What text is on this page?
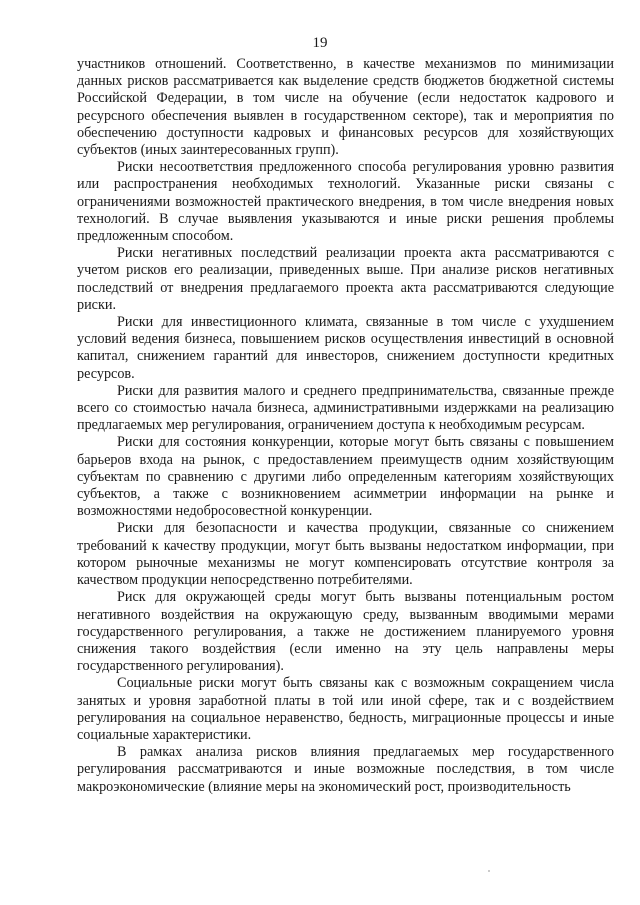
19

участников отношений. Соответственно, в качестве механизмов по минимизации данных рисков рассматривается как выделение средств бюджетов бюджетной системы Российской Федерации, в том числе на обучение (если недостаток кадрового и ресурсного обеспечения выявлен в государственном секторе), так и мероприятия по обеспечению доступности кадровых и финансовых ресурсов для хозяйствующих субъектов (иных заинтересованных групп).

Риски несоответствия предложенного способа регулирования уровню развития или распространения необходимых технологий. Указанные риски связаны с ограничениями возможностей практического внедрения, в том числе внедрения новых технологий. В случае выявления указываются и иные риски решения проблемы предложенным способом.

Риски негативных последствий реализации проекта акта рассматриваются с учетом рисков его реализации, приведенных выше. При анализе рисков негативных последствий от внедрения предлагаемого проекта акта рассматриваются следующие риски.

Риски для инвестиционного климата, связанные в том числе с ухудшением условий ведения бизнеса, повышением рисков осуществления инвестиций в основной капитал, снижением гарантий для инвесторов, снижением доступности кредитных ресурсов.

Риски для развития малого и среднего предпринимательства, связанные прежде всего со стоимостью начала бизнеса, административными издержками на реализацию предлагаемых мер регулирования, ограничением доступа к необходимым ресурсам.

Риски для состояния конкуренции, которые могут быть связаны с повышением барьеров входа на рынок, с предоставлением преимуществ одним хозяйствующим субъектам по сравнению с другими либо определенным категориям хозяйствующих субъектов, а также с возникновением асимметрии информации на рынке и возможностями недобросовестной конкуренции.

Риски для безопасности и качества продукции, связанные со снижением требований к качеству продукции, могут быть вызваны недостатком информации, при котором рыночные механизмы не могут компенсировать отсутствие контроля за качеством продукции непосредственно потребителями.

Риск для окружающей среды могут быть вызваны потенциальным ростом негативного воздействия на окружающую среду, вызванным вводимыми мерами государственного регулирования, а также не достижением планируемого уровня снижения такого воздействия (если именно на эту цель направлены меры государственного регулирования).

Социальные риски могут быть связаны как с возможным сокращением числа занятых и уровня заработной платы в той или иной сфере, так и с воздействием регулирования на социальное неравенство, бедность, миграционные процессы и иные социальные характеристики.

В рамках анализа рисков влияния предлагаемых мер государственного регулирования рассматриваются и иные возможные последствия, в том числе макроэкономические (влияние меры на экономический рост, производительность
